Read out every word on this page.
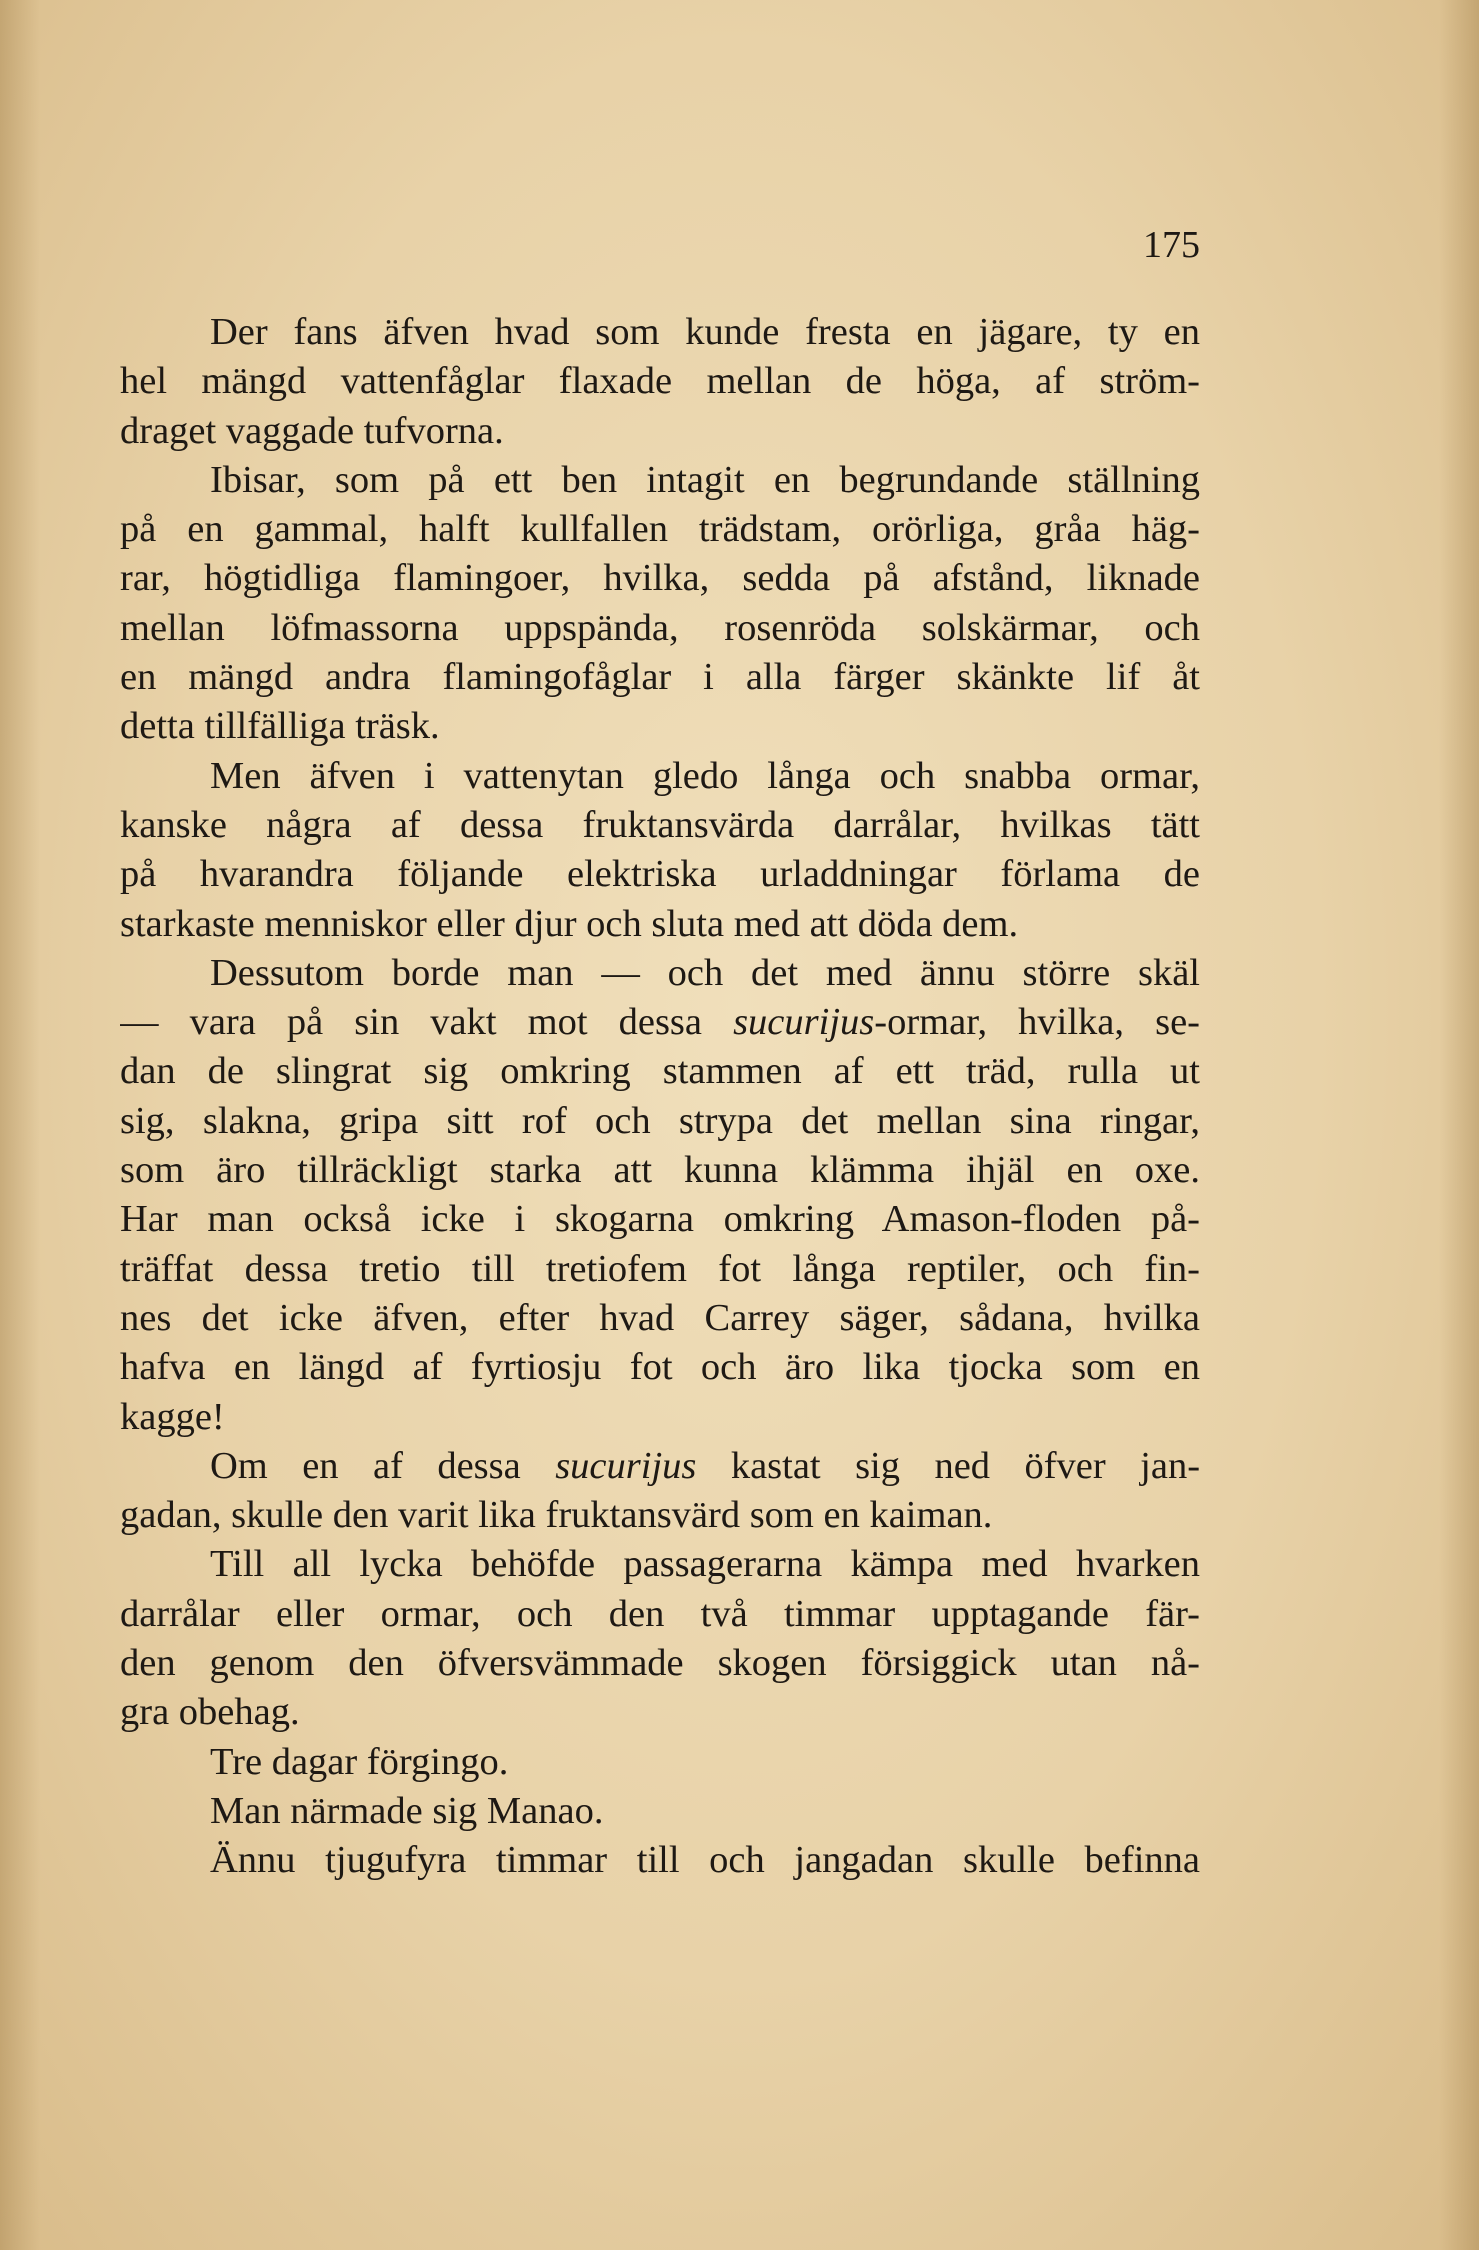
175
Der fans äfven hvad som kunde fresta en jägare, ty en
hel mängd vattenfåglar flaxade mellan de höga, af ström-
draget vaggade tufvorna.
Ibisar, som på ett ben intagit en begrundande ställning
på en gammal, halft kullfallen trädstam, orörliga, gråa häg-
rar, högtidliga flamingoer, hvilka, sedda på afstånd, liknade
mellan löfmassorna uppspända, rosenröda solskärmar, och
en mängd andra flamingofåglar i alla färger skänkte lif åt
detta tillfälliga träsk.
Men äfven i vattenytan gledo långa och snabba ormar,
kanske några af dessa fruktansvärda darrålar, hvilkas tätt
på hvarandra följande elektriska urladdningar förlama de
starkaste menniskor eller djur och sluta med att döda dem.
Dessutom borde man — och det med ännu större skäl
— vara på sin vakt mot dessa sucurijus-ormar, hvilka, se-
dan de slingrat sig omkring stammen af ett träd, rulla ut
sig, slakna, gripa sitt rof och strypa det mellan sina ringar,
som äro tillräckligt starka att kunna klämma ihjäl en oxe.
Har man också icke i skogarna omkring Amason-floden på-
träffat dessa tretio till tretiofem fot långa reptiler, och fin-
nes det icke äfven, efter hvad Carrey säger, sådana, hvilka
hafva en längd af fyrtiosju fot och äro lika tjocka som en
kagge!
Om en af dessa sucurijus kastat sig ned öfver jan-
gadan, skulle den varit lika fruktansvärd som en kaiman.
Till all lycka behöfde passagerarna kämpa med hvarken
darrålar eller ormar, och den två timmar upptagande fär-
den genom den öfversvämmade skogen försiggick utan nå-
gra obehag.
Tre dagar förgingo.
Man närmade sig Manao.
Ännu tjugufyra timmar till och jangadan skulle befinna
